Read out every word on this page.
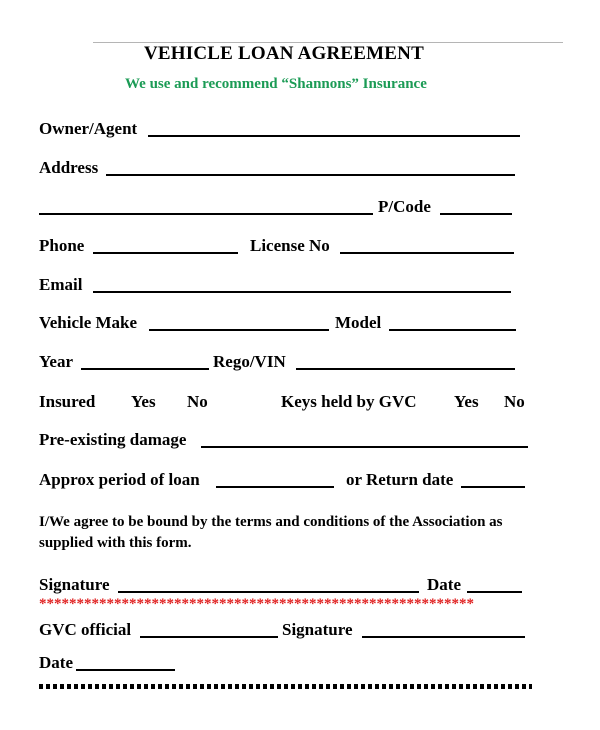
VEHICLE LOAN AGREEMENT
We use and recommend “Shannons” Insurance
Owner/Agent
Address
P/Code
Phone	License No
Email
Vehicle Make	Model
Year	Rego/VIN
Insured Yes No	Keys held by GVC Yes No
Pre-existing damage
Approx period of loan	or Return date
I/We agree to be bound by the terms and conditions of the Association as supplied with this form.
Signature	Date
**********************************************************
GVC official	Signature
Date
